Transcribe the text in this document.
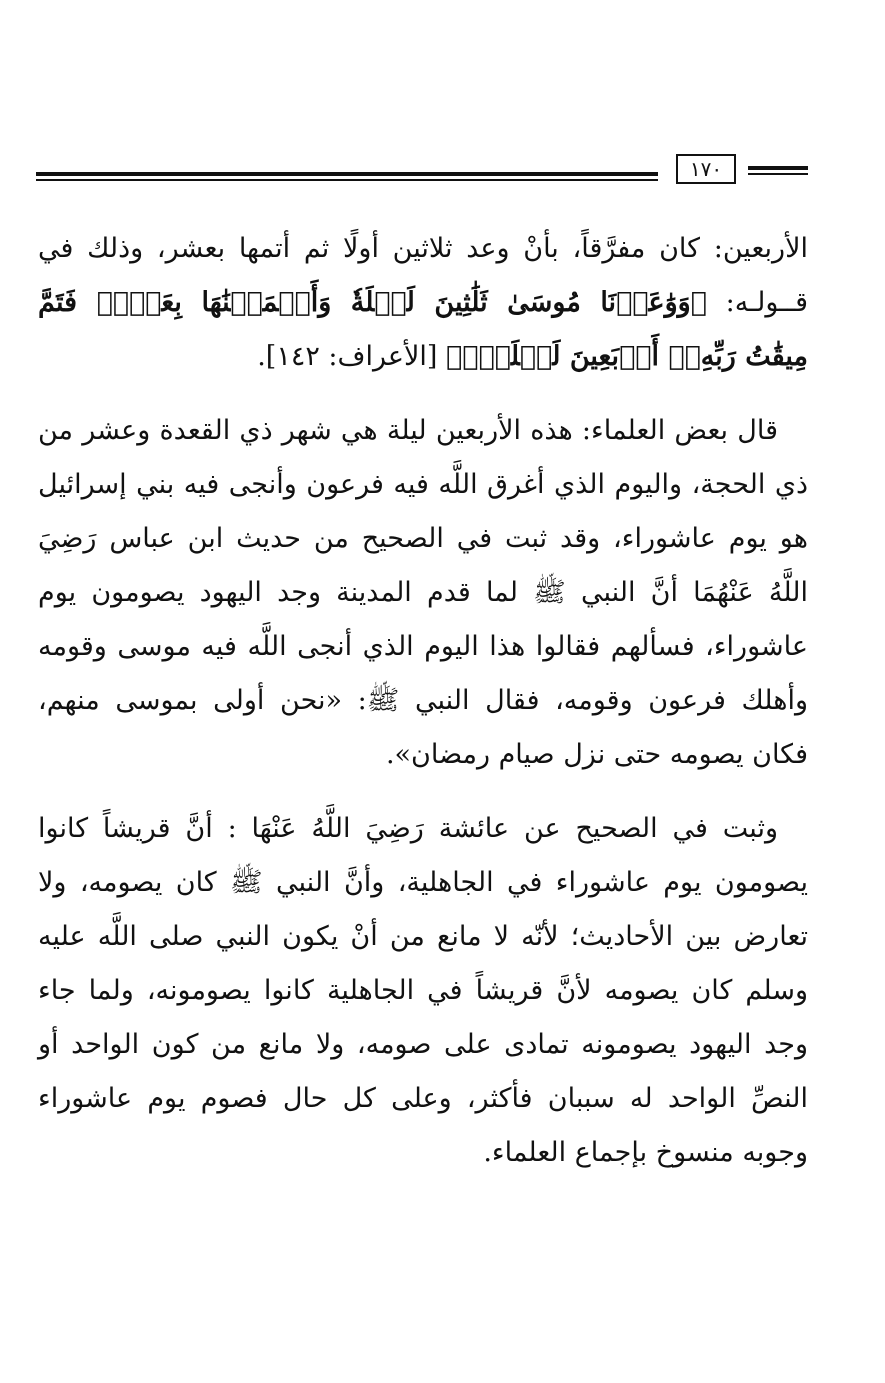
١٧٠

الأربعين: كان مفرَّقاً، بأنْ وعد ثلاثين أولًا ثم أتمها بعشر، وذلك في قــولـه: ﴿وَوَٰعَدۡنَا مُوسَىٰ ثَلَٰثِينَ لَيۡلَةٗ وَأَتۡمَمۡنَٰهَا بِعَشۡرٖ فَتَمَّ مِيقَٰتُ رَبِّهِۦٓ أَرۡبَعِينَ لَيۡلَةٗۚ﴾ [الأعراف: ١٤٢].

قال بعض العلماء: هذه الأربعين ليلة هي شهر ذي القعدة وعشر من ذي الحجة، واليوم الذي أغرق اللَّه فيه فرعون وأنجى فيه بني إسرائيل هو يوم عاشوراء، وقد ثبت في الصحيح من حديث ابن عباس رَضِيَ اللَّهُ عَنْهُمَا أنَّ النبي ﷺ لما قدم المدينة وجد اليهود يصومون يوم عاشوراء، فسألهم فقالوا هذا اليوم الذي أنجى اللَّه فيه موسى وقومه وأهلك فرعون وقومه، فقال النبي ﷺ: «نحن أولى بموسى منهم، فكان يصومه حتى نزل صيام رمضان».

وثبت في الصحيح عن عائشة رَضِيَ اللَّهُ عَنْهَا : أنَّ قريشاً كانوا يصومون يوم عاشوراء في الجاهلية، وأنَّ النبي ﷺ كان يصومه، ولا تعارض بين الأحاديث؛ لأنّه لا مانع من أنْ يكون النبي صلى اللَّه عليه وسلم كان يصومه لأنَّ قريشاً في الجاهلية كانوا يصومونه، ولما جاء وجد اليهود يصومونه تمادى على صومه، ولا مانع من كون الواحد أو النصِّ الواحد له سببان فأكثر، وعلى كل حال فصوم يوم عاشوراء وجوبه منسوخ بإجماع العلماء.
